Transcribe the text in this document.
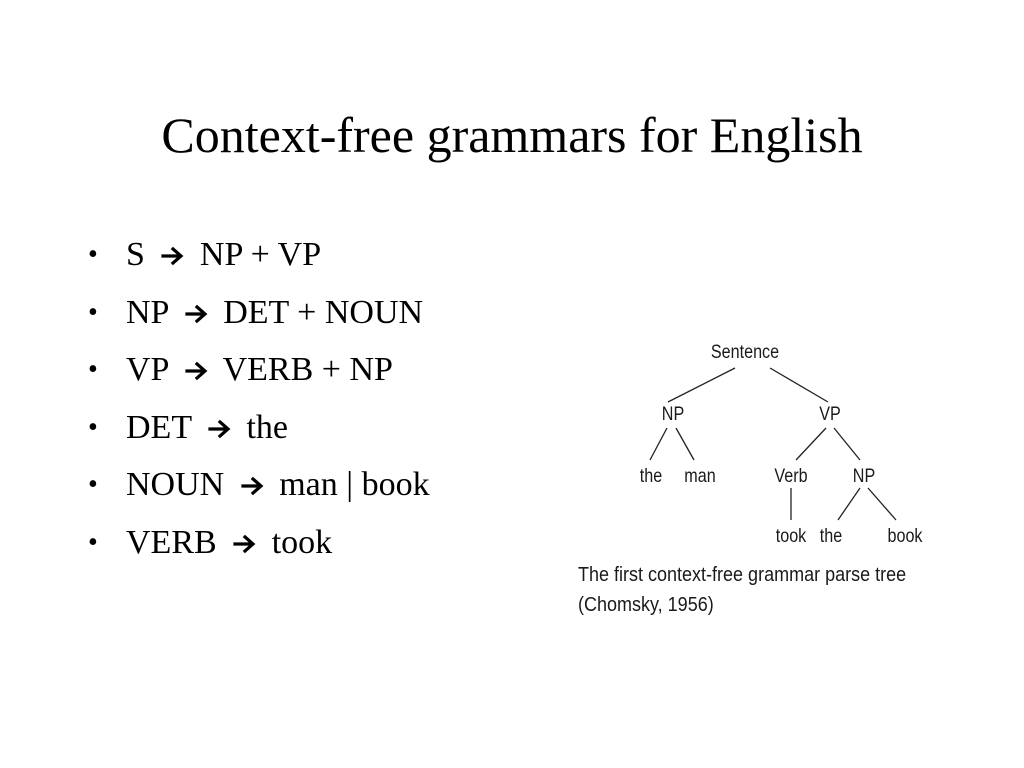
Context-free grammars for English
• S NP + VP
• NP DET + NOUN
• VP VERB + NP
• DET the
• NOUN man | book
• VERB took
Sentence
NP	VP
the man	Verb NP
took the book
The first context-free grammar parse tree
(Chomsky, 1956)
